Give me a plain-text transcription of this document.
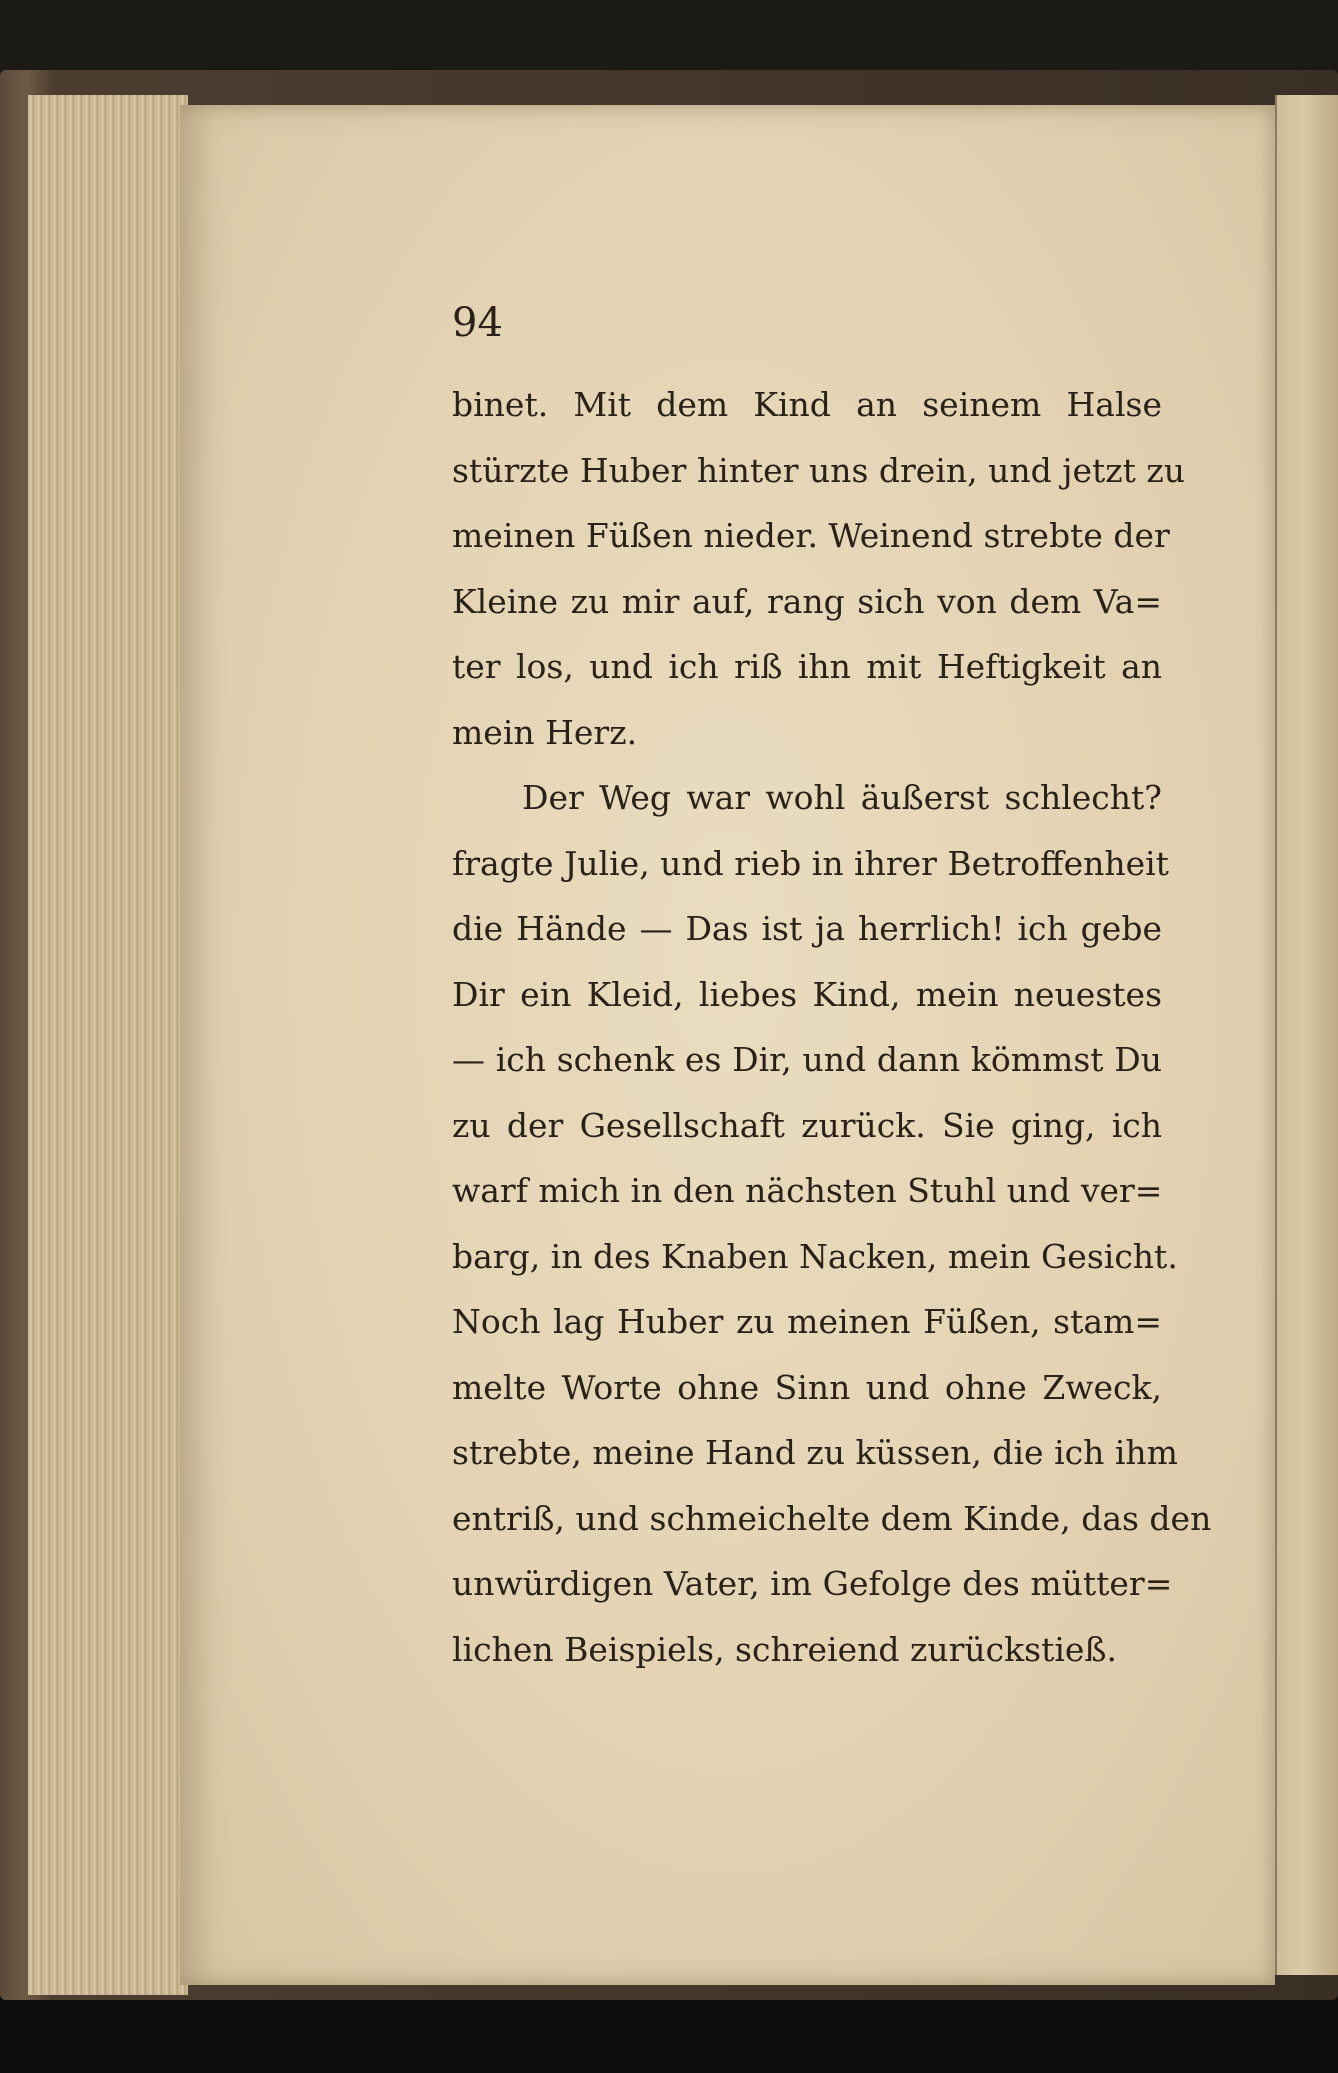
94

binet. Mit dem Kind an seinem Halse
stürzte Huber hinter uns drein, und jetzt zu
meinen Füßen nieder. Weinend strebte der
Kleine zu mir auf, rang sich von dem Va=
ter los, und ich riß ihn mit Heftigkeit an
mein Herz.
Der Weg war wohl äußerst schlecht?
fragte Julie, und rieb in ihrer Betroffenheit
die Hände — Das ist ja herrlich! ich gebe
Dir ein Kleid, liebes Kind, mein neuestes
— ich schenk es Dir, und dann kömmst Du
zu der Gesellschaft zurück. Sie ging, ich
warf mich in den nächsten Stuhl und ver=
barg, in des Knaben Nacken, mein Gesicht.
Noch lag Huber zu meinen Füßen, stam=
melte Worte ohne Sinn und ohne Zweck,
strebte, meine Hand zu küssen, die ich ihm
entriß, und schmeichelte dem Kinde, das den
unwürdigen Vater, im Gefolge des mütter=
lichen Beispiels, schreiend zurückstieß.
